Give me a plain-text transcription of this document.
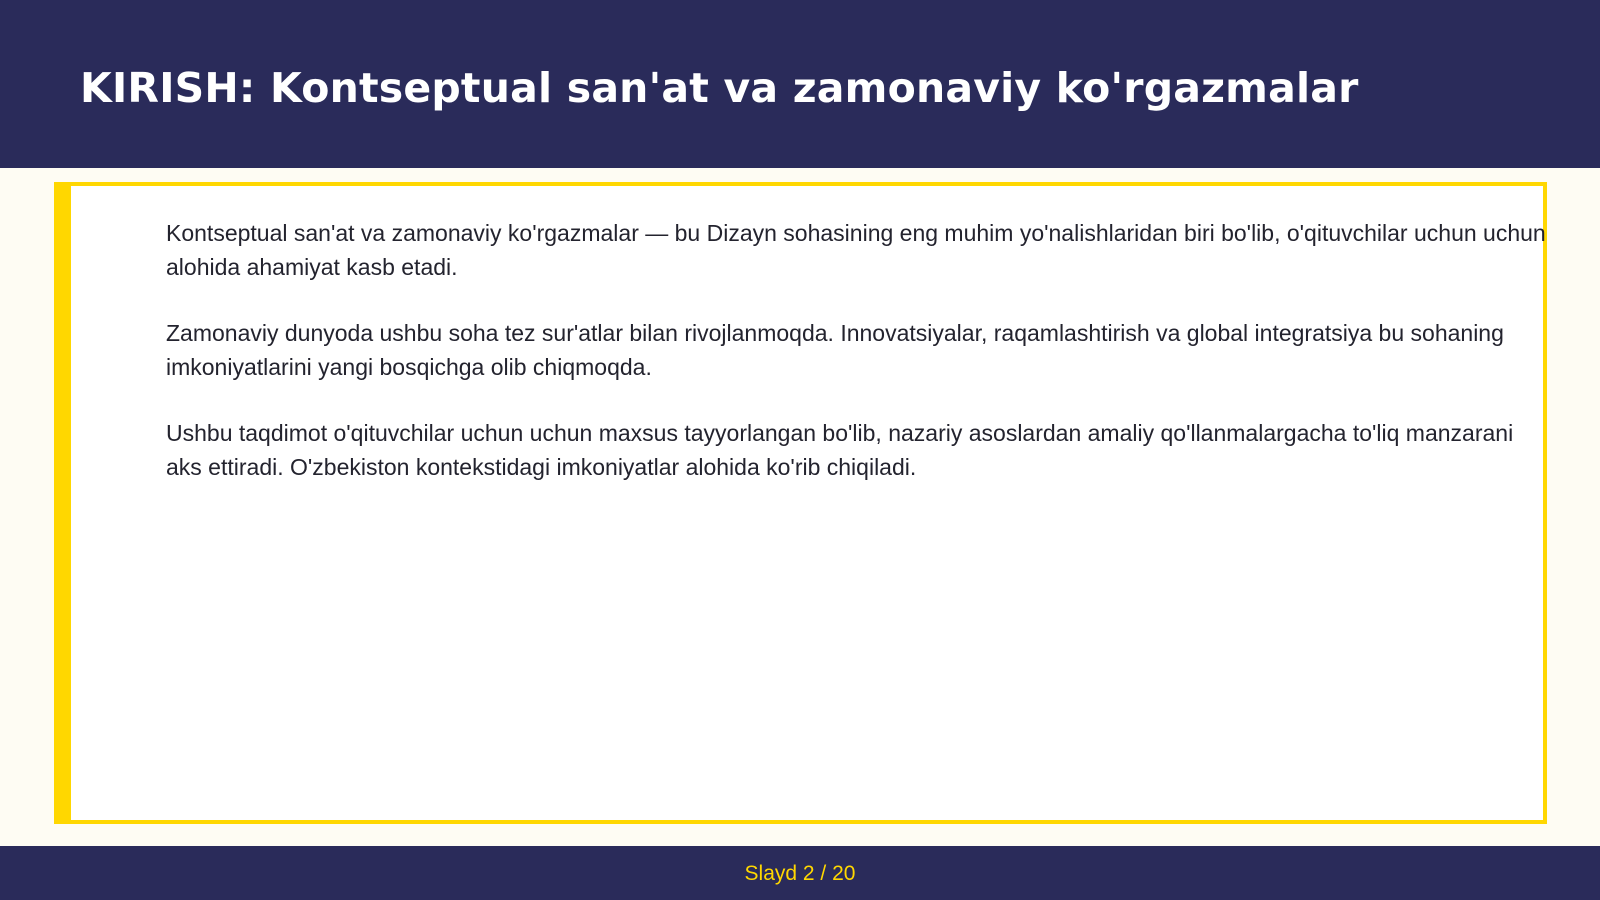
KIRISH: Kontseptual san'at va zamonaviy ko'rgazmalar

Kontseptual san'at va zamonaviy ko'rgazmalar — bu Dizayn sohasining eng muhim yo'nalishlaridan biri bo'lib, o'qituvchilar uchun uchun alohida ahamiyat kasb etadi.

Zamonaviy dunyoda ushbu soha tez sur'atlar bilan rivojlanmoqda. Innovatsiyalar, raqamlashtirish va global integratsiya bu sohaning imkoniyatlarini yangi bosqichga olib chiqmoqda.

Ushbu taqdimot o'qituvchilar uchun uchun maxsus tayyorlangan bo'lib, nazariy asoslardan amaliy qo'llanmalargacha to'liq manzarani aks ettiradi. O'zbekiston kontekstidagi imkoniyatlar alohida ko'rib chiqiladi.

Slayd 2 / 20
